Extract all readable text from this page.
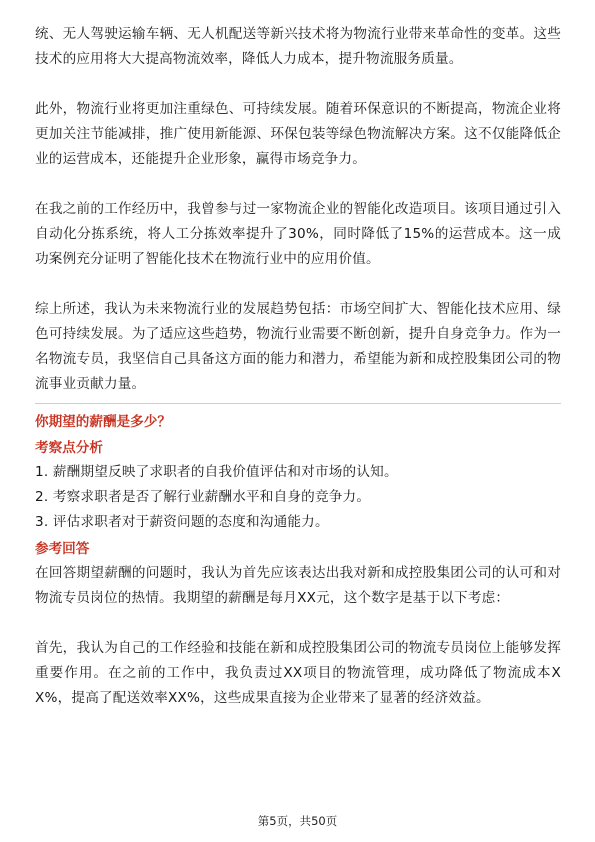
统、无人驾驶运输车辆、无人机配送等新兴技术将为物流行业带来革命性的变革。这些技术的应用将大大提高物流效率，降低人力成本，提升物流服务质量。

此外，物流行业将更加注重绿色、可持续发展。随着环保意识的不断提高，物流企业将更加关注节能减排，推广使用新能源、环保包装等绿色物流解决方案。这不仅能降低企业的运营成本，还能提升企业形象，赢得市场竞争力。

在我之前的工作经历中，我曾参与过一家物流企业的智能化改造项目。该项目通过引入自动化分拣系统，将人工分拣效率提升了30%，同时降低了15%的运营成本。这一成功案例充分证明了智能化技术在物流行业中的应用价值。

综上所述，我认为未来物流行业的发展趋势包括：市场空间扩大、智能化技术应用、绿色可持续发展。为了适应这些趋势，物流行业需要不断创新，提升自身竞争力。作为一名物流专员，我坚信自己具备这方面的能力和潜力，希望能为新和成控股集团公司的物流事业贡献力量。

你期望的薪酬是多少？

考察点分析

1. 薪酬期望反映了求职者的自我价值评估和对市场的认知。

2. 考察求职者是否了解行业薪酬水平和自身的竞争力。

3. 评估求职者对于薪资问题的态度和沟通能力。

参考回答

在回答期望薪酬的问题时，我认为首先应该表达出我对新和成控股集团公司的认可和对物流专员岗位的热情。我期望的薪酬是每月XX元，这个数字是基于以下考虑：

首先，我认为自己的工作经验和技能在新和成控股集团公司的物流专员岗位上能够发挥重要作用。在之前的工作中，我负责过XX项目的物流管理，成功降低了物流成本XX%，提高了配送效率XX%，这些成果直接为企业带来了显著的经济效益。

第5页，共50页
